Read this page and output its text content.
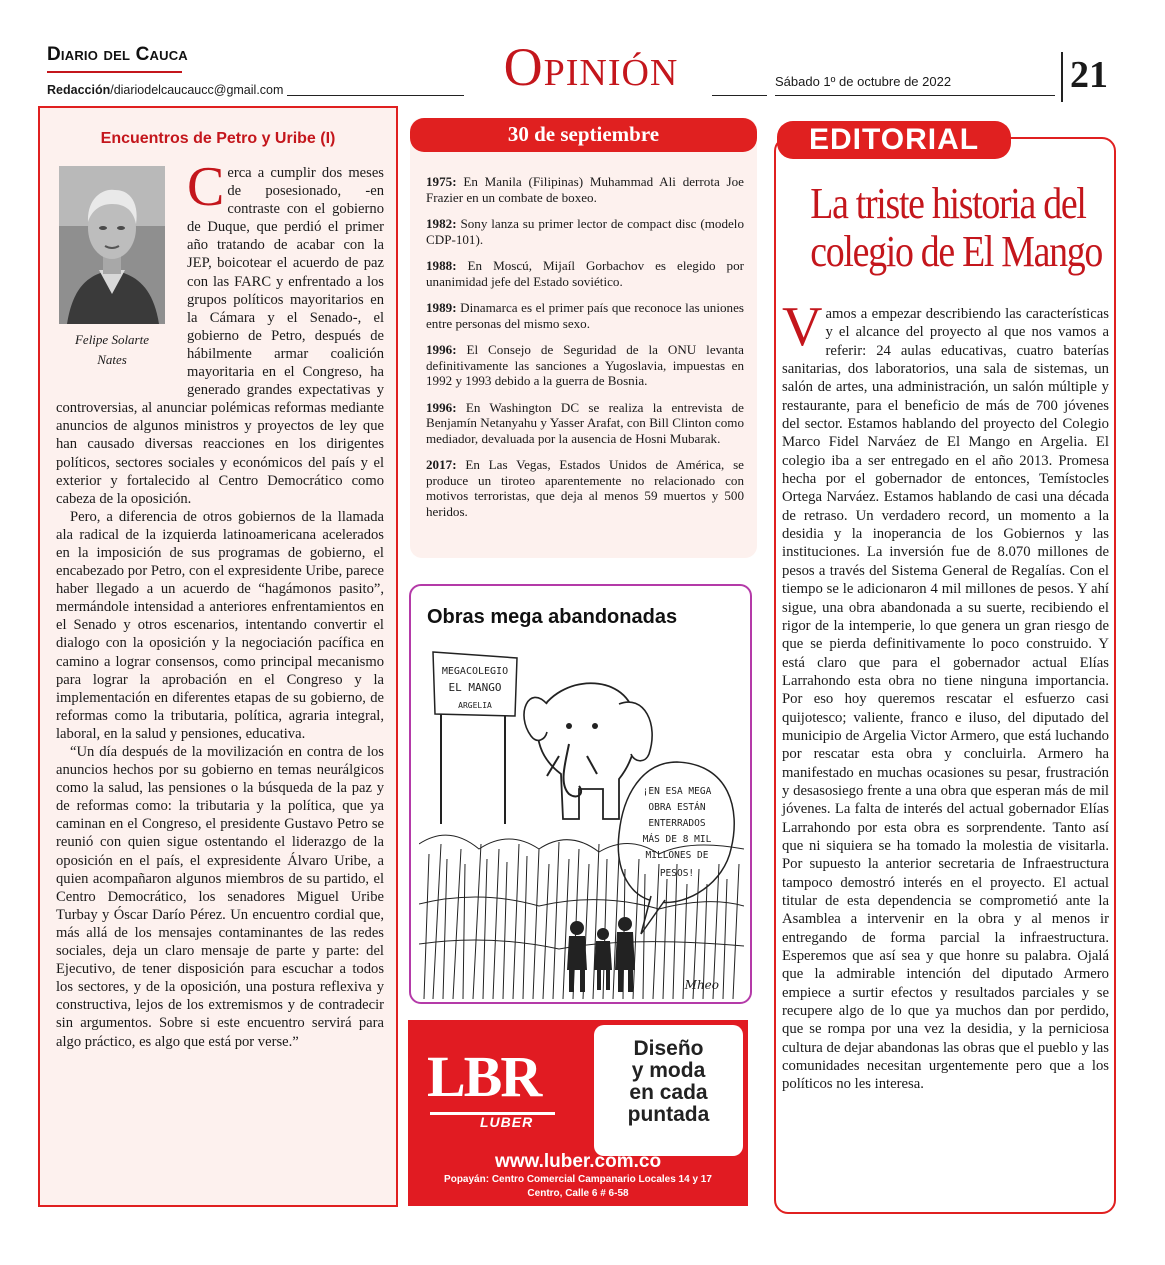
Diario del Cauca
Redacción/diariodelcaucaucc@gmail.com	Opinión	Sábado 1º de octubre de 2022	21
Encuentros de Petro y Uribe (I)

Cerca a cumplir dos meses de posesionado, -en contraste con el gobierno de Duque, que perdió el primer año tratando de acabar con la JEP, boicotear el acuerdo de paz con las FARC y enfrentado a los grupos políticos mayoritarios en la Cámara y el Senado-, el gobierno de Petro, después de hábilmente armar coalición mayoritaria en el Congreso, ha generado grandes expectativas y controversias, al anunciar polémicas reformas mediante anuncios de algunos ministros y proyectos de ley que han causado diversas reacciones en los dirigentes políticos, sectores sociales y económicos del país y el exterior y fortalecido al Centro Democrático como cabeza de la oposición.

Pero, a diferencia de otros gobiernos de la llamada ala radical de la izquierda latinoamericana acelerados en la imposición de sus programas de gobierno, el encabezado por Petro, con el expresidente Uribe, parece haber llegado a un acuerdo de “hagámonos pasito”, mermándole intensidad a anteriores enfrentamientos en el Senado y otros escenarios, intentando convertir el dialogo con la oposición y la negociación pacífica en camino a lograr consensos, como principal mecanismo para lograr la aprobación en el Congreso y la implementación en diferentes etapas de su gobierno, de reformas como la tributaria, política, agraria integral, laboral, en la salud y pensiones, educativa.

“Un día después de la movilización en contra de los anuncios hechos por su gobierno en temas neurálgicos como la salud, las pensiones o la búsqueda de la paz y de reformas como: la tributaria y la política, que ya caminan en el Congreso, el presidente Gustavo Petro se reunió con quien sigue ostentando el liderazgo de la oposición en el país, el expresidente Álvaro Uribe, a quien acompañaron algunos miembros de su partido, el Centro Democrático, los senadores Miguel Uribe Turbay y Óscar Darío Pérez. Un encuentro cordial que, más allá de los mensajes contaminantes de las redes sociales, deja un claro mensaje de parte y parte: del Ejecutivo, de tener disposición para escuchar a todos los sectores, y de la oposición, una postura reflexiva y constructiva, lejos de los extremismos y de contradecir sin argumentos. Sobre si este encuentro servirá para algo práctico, es algo que está por verse.”

Felipe Solarte
Nates
30 de septiembre
1975: En Manila (Filipinas) Muhammad Ali derrota Joe Frazier en un combate de boxeo.
1982: Sony lanza su primer lector de compact disc (modelo CDP-101).
1988: En Moscú, Mijaíl Gorbachov es elegido por unanimidad jefe del Estado soviético.
1989: Dinamarca es el primer país que reconoce las uniones entre personas del mismo sexo.
1996: El Consejo de Seguridad de la ONU levanta definitivamente las sanciones a Yugoslavia, impuestas en 1992 y 1993 debido a la guerra de Bosnia.
1996: En Washington DC se realiza la entrevista de Benjamín Netanyahu y Yasser Arafat, con Bill Clinton como mediador, devaluada por la ausencia de Hosni Mubarak.
2017: En Las Vegas, Estados Unidos de América, se produce un tiroteo aparentemente no relacionado con motivos terroristas, que deja al menos 59 muertos y 500 heridos.
Obras mega abandonadas
MEGACOLEGIO
EL MANGO
ARGELIA
¡EN ESA MEGA
OBRA ESTÁN
ENTERRADOS
MÁS DE 8 MIL
MILLONES DE
PESOS!
Mheo
Diseño
y moda
en cada
puntada
LBR
LUBER
www.luber.com.co
Popayán: Centro Comercial Campanario Locales 14 y 17
Centro, Calle 6 # 6-58
EDITORIAL
La triste historia del
colegio de El Mango
Vamos a empezar describiendo las características y el alcance del proyecto al que nos vamos a referir: 24 aulas educativas, cuatro baterías sanitarias, dos laboratorios, una sala de sistemas, un salón de artes, una administración, un salón múltiple y restaurante, para el beneficio de más de 700 jóvenes del sector. Estamos hablando del proyecto del Colegio Marco Fidel Narváez de El Mango en Argelia. El colegio iba a ser entregado en el año 2013. Promesa hecha por el gobernador de entonces, Temístocles Ortega Narváez. Estamos hablando de casi una década de retraso. Un verdadero record, un momento a la desidia y la inoperancia de los Gobiernos y las instituciones. La inversión fue de 8.070 millones de pesos a través del Sistema General de Regalías. Con el tiempo se le adicionaron 4 mil millones de pesos. Y ahí sigue, una obra abandonada a su suerte, recibiendo el rigor de la intemperie, lo que genera un gran riesgo de que se pierda definitivamente lo poco construido. Y está claro que para el gobernador actual Elías Larrahondo esta obra no tiene ninguna importancia. Por eso hoy queremos rescatar el esfuerzo casi quijotesco; valiente, franco e iluso, del diputado del municipio de Argelia Victor Armero, que está luchando por rescatar esta obra y concluirla. Armero ha manifestado en muchas ocasiones su pesar, frustración y desasosiego frente a una obra que esperan más de mil jóvenes. La falta de interés del actual gobernador Elías Larrahondo por esta obra es sorprendente. Tanto así que ni siquiera se ha tomado la molestia de visitarla. Por supuesto la anterior secretaria de Infraestructura tampoco demostró interés en el proyecto. El actual titular de esta dependencia se comprometió ante la Asamblea a intervenir en la obra y al menos ir entregando de forma parcial la infraestructura. Esperemos que así sea y que honre su palabra. Ojalá que la admirable intención del diputado Armero empiece a surtir efectos y resultados parciales y se recupere algo de lo que ya muchos dan por perdido, que se rompa por una vez la desidia, y la perniciosa cultura de dejar abandonas las obras que el pueblo y las comunidades necesitan urgentemente pero que a los políticos no les interesa.
